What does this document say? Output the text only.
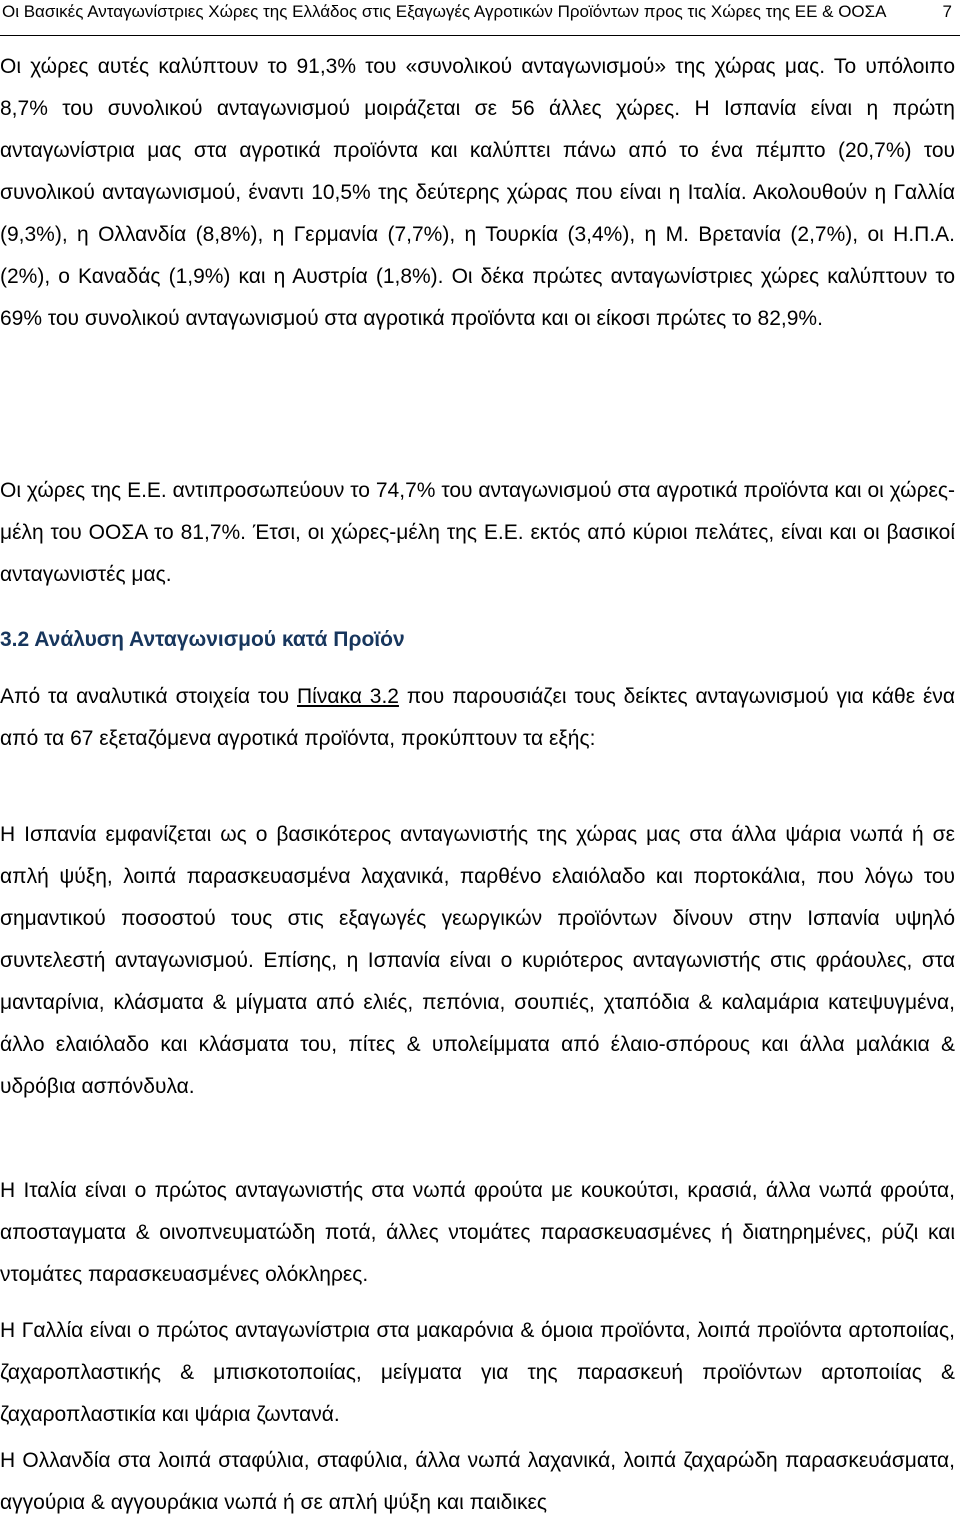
Οι Βασικές Ανταγωνίστριες Χώρες της Ελλάδος στις Εξαγωγές Αγροτικών Προϊόντων προς τις Χώρες της ΕΕ & ΟΟΣΑ	7

Οι χώρες αυτές καλύπτουν το 91,3% του «συνολικού ανταγωνισμού» της χώρας μας. Το υπόλοιπο 8,7% του συνολικού ανταγωνισμού μοιράζεται σε 56 άλλες χώρες. Η Ισπανία είναι η πρώτη ανταγωνίστρια μας στα αγροτικά προϊόντα και καλύπτει πάνω από το ένα πέμπτο (20,7%) του συνολικού ανταγωνισμού, έναντι 10,5% της δεύτερης χώρας που είναι η Ιταλία. Ακολουθούν η Γαλλία (9,3%), η Ολλανδία (8,8%), η Γερμανία (7,7%), η Τουρκία (3,4%), η Μ. Βρετανία (2,7%), οι Η.Π.Α. (2%), ο Καναδάς (1,9%) και η Αυστρία (1,8%). Οι δέκα πρώτες ανταγωνίστριες χώρες καλύπτουν το 69% του συνολικού ανταγωνισμού στα αγροτικά προϊόντα και οι είκοσι πρώτες το 82,9%.

Οι χώρες της Ε.Ε. αντιπροσωπεύουν το 74,7% του ανταγωνισμού στα αγροτικά προϊόντα και οι χώρες-μέλη του ΟΟΣΑ το 81,7%. Έτσι, οι χώρες-μέλη της Ε.Ε. εκτός από κύριοι πελάτες, είναι και οι βασικοί ανταγωνιστές μας.

3.2 Ανάλυση Ανταγωνισμού κατά Προϊόν

Από τα αναλυτικά στοιχεία του Πίνακα 3.2 που παρουσιάζει τους δείκτες ανταγωνισμού για κάθε ένα από τα 67 εξεταζόμενα αγροτικά προϊόντα, προκύπτουν τα εξής:

Η Ισπανία εμφανίζεται ως ο βασικότερος ανταγωνιστής της χώρας μας στα άλλα ψάρια νωπά ή σε απλή ψύξη, λοιπά παρασκευασμένα λαχανικά, παρθένο ελαιόλαδο και πορτοκάλια, που λόγω του σημαντικού ποσοστού τους στις εξαγωγές γεωργικών προϊόντων δίνουν στην Ισπανία υψηλό συντελεστή ανταγωνισμού. Επίσης, η Ισπανία είναι ο κυριότερος ανταγωνιστής στις φράουλες, στα μανταρίνια, κλάσματα & μίγματα από ελιές, πεπόνια, σουπιές, χταπόδια & καλαμάρια κατεψυγμένα, άλλο ελαιόλαδο και κλάσματα του, πίτες & υπολείμματα από έλαιο-σπόρους και άλλα μαλάκια & υδρόβια ασπόνδυλα.

Η Ιταλία είναι ο πρώτος ανταγωνιστής στα νωπά φρούτα με κουκούτσι, κρασιά, άλλα νωπά φρούτα, αποσταγματα & οινοπνευματώδη ποτά, άλλες ντομάτες παρασκευασμένες ή διατηρημένες, ρύζι και ντομάτες παρασκευασμένες ολόκληρες.

Η Γαλλία είναι ο πρώτος ανταγωνίστρια στα μακαρόνια & όμοια προϊόντα, λοιπά προϊόντα αρτοποιίας, ζαχαροπλαστικής & μπισκοτοποιίας, μείγματα για της παρασκευή προϊόντων αρτοποιίας & ζαχαροπλαστικία και ψάρια ζωντανά.

Η Ολλανδία στα λοιπά σταφύλια, σταφύλια, άλλα νωπά λαχανικά, λοιπά ζαχαρώδη παρασκευάσματα, αγγούρια & αγγουράκια νωπά ή σε απλή ψύξη και παιδικες
